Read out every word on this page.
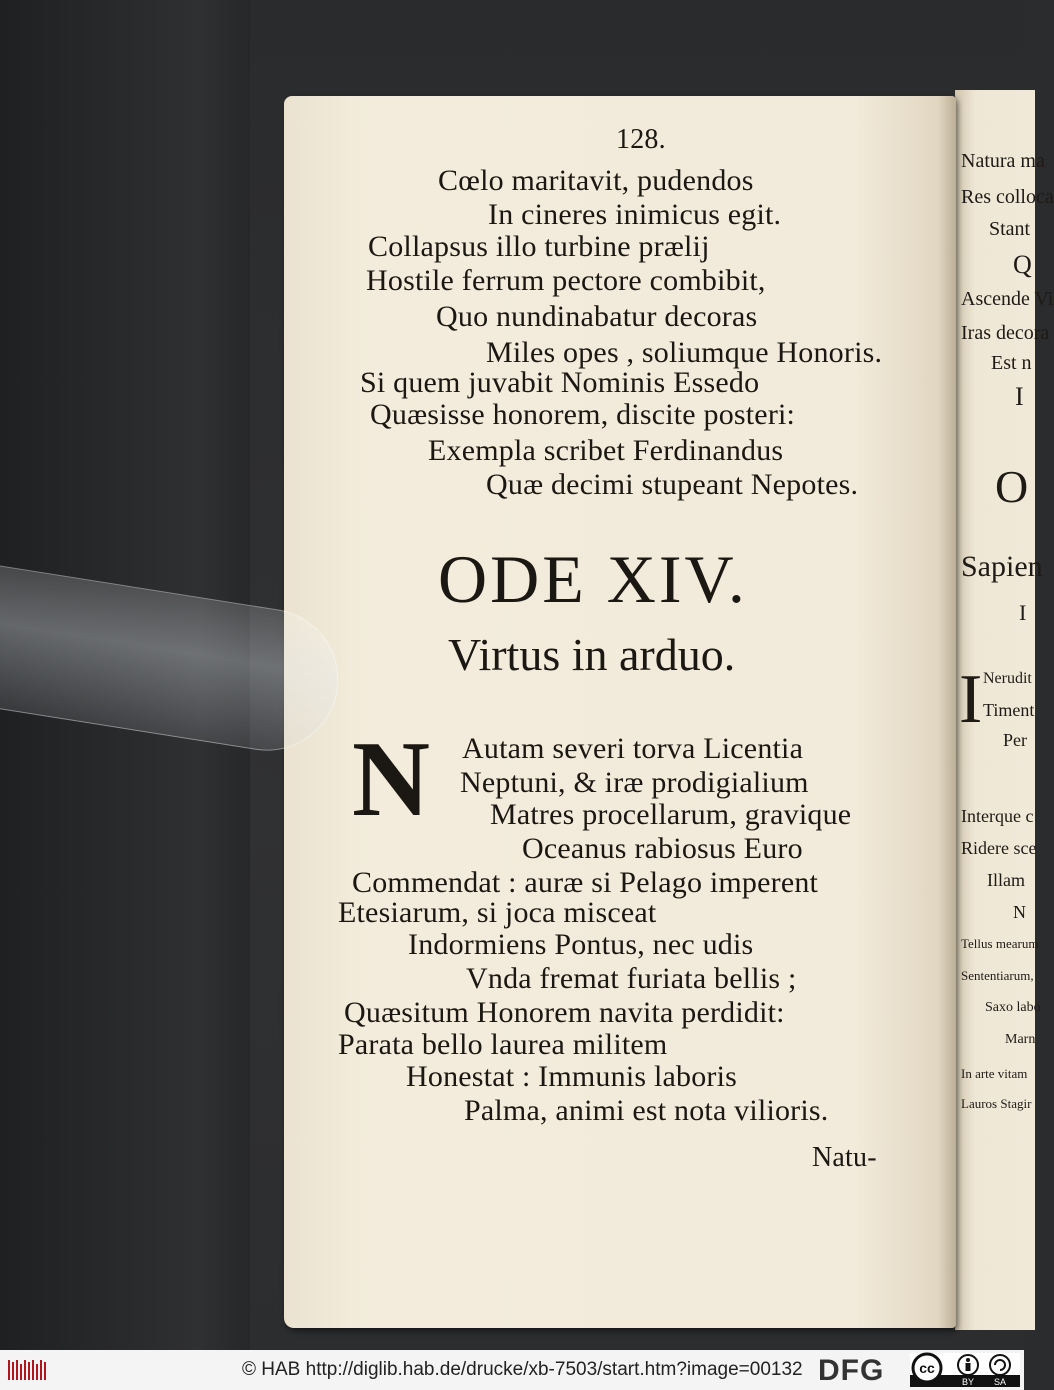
Natura ma
Res colloca
Stant
Q
Ascende Vi
Iras decora
Est n
I
O
Sapien
I
I Nerudit
Timent
Per
Interque c
Ridere sce
Illam
N
Tellus mearum
Sententiarum,
Saxo labo
Marn
In arte vitam
Lauros Stagir
128.
Cœlo maritavit, pudendos
In cineres inimicus egit.
Collapsus illo turbine prælij
Hostile ferrum pectore combibit,
Quo nundinabatur decoras
Miles opes , soliumque Honoris.
Si quem juvabit Nominis Essedo
Quæsisse honorem, discite posteri:
Exempla scribet Ferdinandus
Quæ decimi stupeant Nepotes.
ODE XIV.
Virtus in arduo.
N Autam severi torva Licentia
Neptuni, & iræ prodigialium
Matres procellarum, gravique
Oceanus rabiosus Euro
Commendat : auræ si Pelago imperent
Etesiarum, si joca misceat
Indormiens Pontus, nec udis
Vnda fremat furiata bellis ;
Quæsitum Honorem navita perdidit:
Parata bello laurea militem
Honestat : Immunis laboris
Palma, animi est nota vilioris.
Natu-
© HAB http://diglib.hab.de/drucke/xb-7503/start.htm?image=00132 DFG cc
BY SA
